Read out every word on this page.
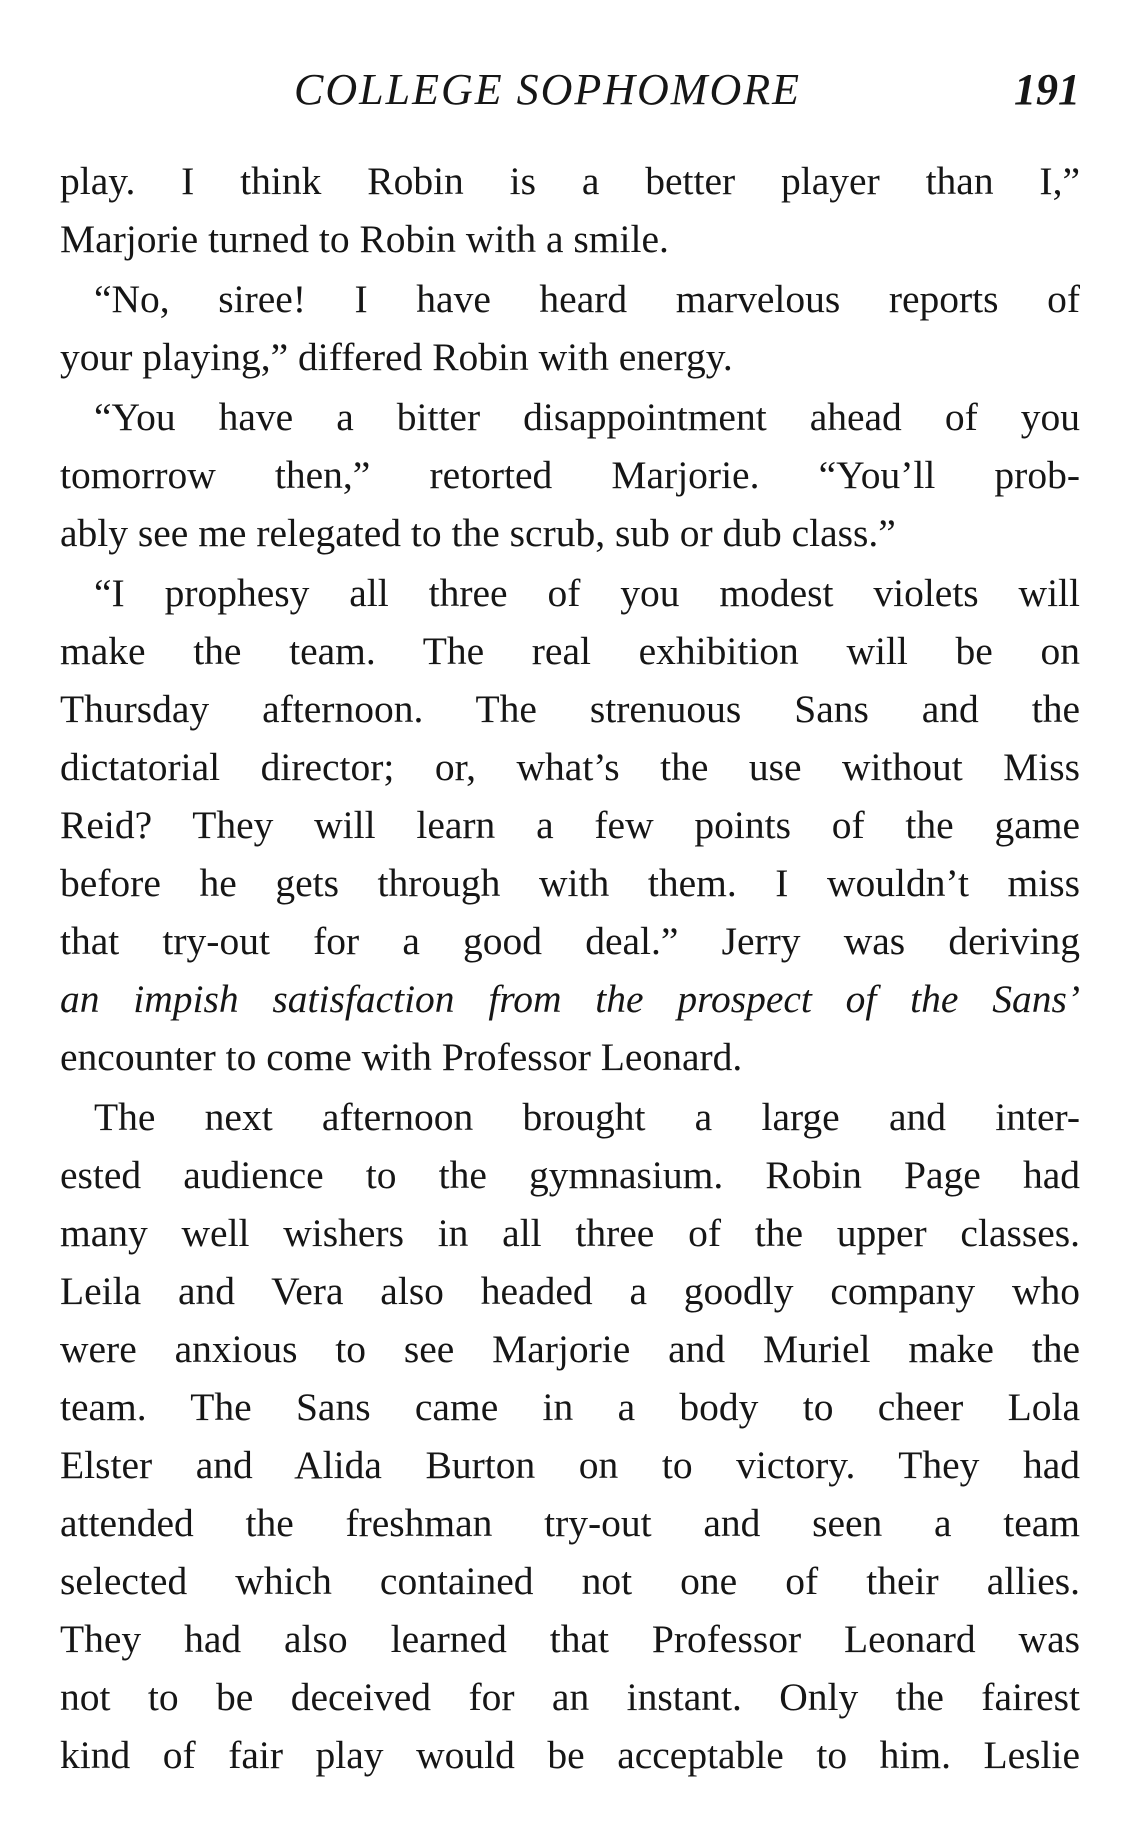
COLLEGE SOPHOMORE	191
play. I think Robin is a better player than I,”
Marjorie turned to Robin with a smile.
“No, siree! I have heard marvelous reports of
your playing,” differed Robin with energy.
“You have a bitter disappointment ahead of you
tomorrow then,” retorted Marjorie. “You’ll prob-
ably see me relegated to the scrub, sub or dub class.”
“I prophesy all three of you modest violets will
make the team. The real exhibition will be on
Thursday afternoon. The strenuous Sans and the
dictatorial director; or, what’s the use without Miss
Reid? They will learn a few points of the game
before he gets through with them. I wouldn’t miss
that try-out for a good deal.” Jerry was deriving
an impish satisfaction from the prospect of the Sans’
encounter to come with Professor Leonard.
The next afternoon brought a large and inter-
ested audience to the gymnasium. Robin Page had
many well wishers in all three of the upper classes.
Leila and Vera also headed a goodly company who
were anxious to see Marjorie and Muriel make the
team. The Sans came in a body to cheer Lola
Elster and Alida Burton on to victory. They had
attended the freshman try-out and seen a team
selected which contained not one of their allies.
They had also learned that Professor Leonard was
not to be deceived for an instant. Only the fairest
kind of fair play would be acceptable to him. Leslie
